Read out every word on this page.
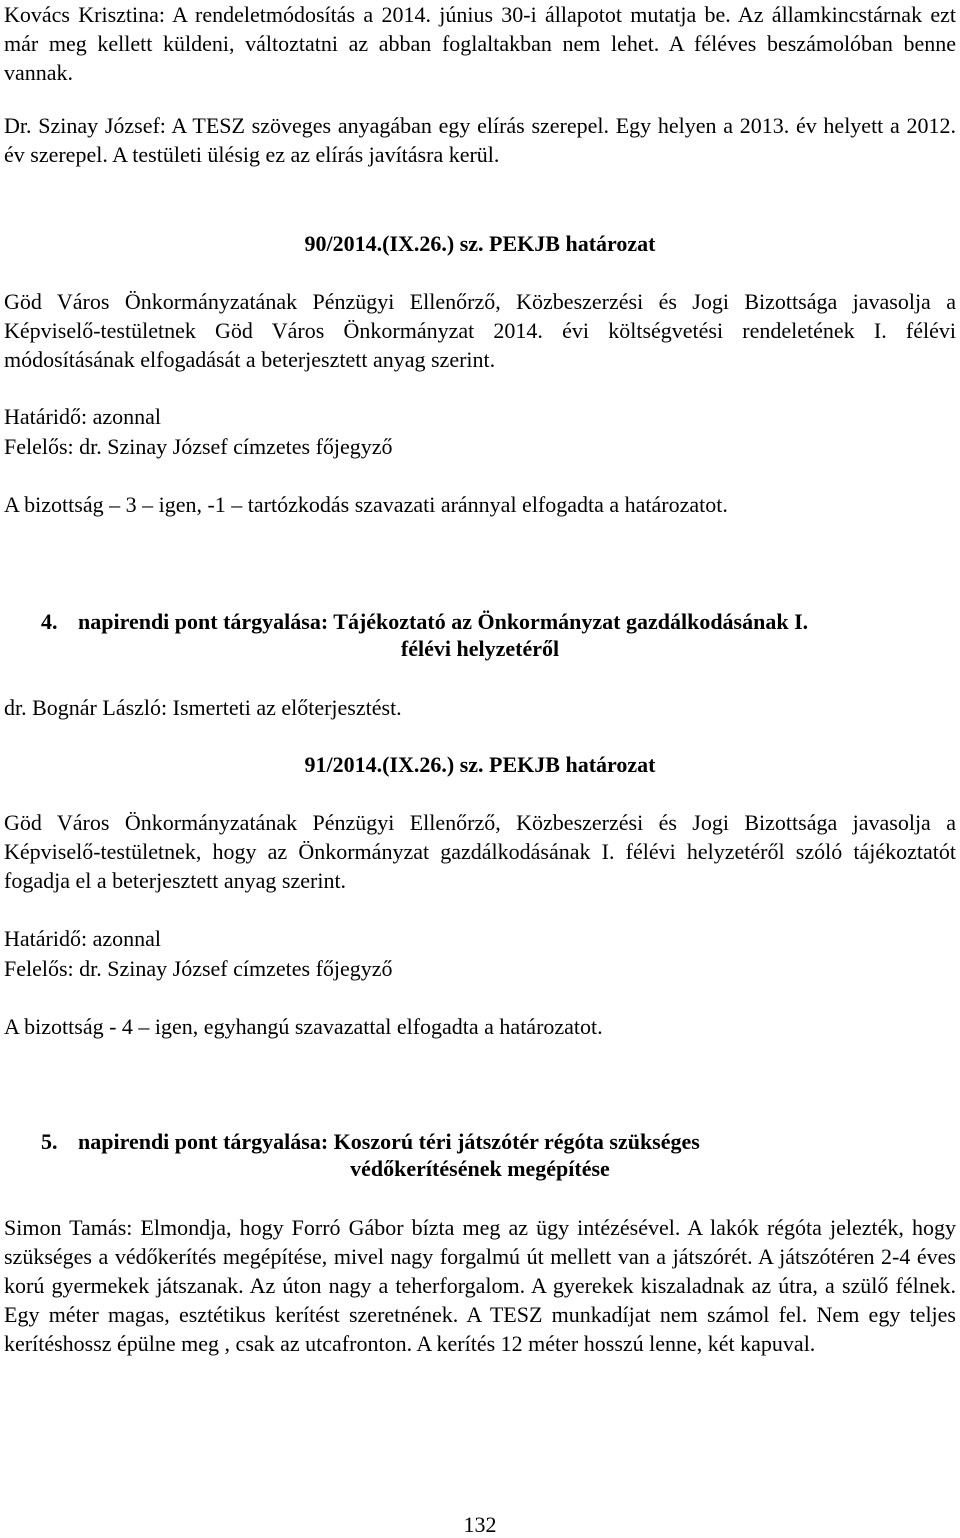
Kovács Krisztina: A rendeletmódosítás a 2014. június 30-i állapotot mutatja be. Az államkincstárnak ezt már meg kellett küldeni, változtatni az abban foglaltakban nem lehet. A féléves beszámolóban benne vannak.

Dr. Szinay József: A TESZ szöveges anyagában egy elírás szerepel. Egy helyen a 2013. év helyett a 2012. év szerepel. A testületi ülésig ez az elírás javításra kerül.

90/2014.(IX.26.) sz. PEKJB határozat

Göd Város Önkormányzatának Pénzügyi Ellenőrző, Közbeszerzési és Jogi Bizottsága javasolja a Képviselő-testületnek Göd Város Önkormányzat 2014. évi költségvetési rendeletének I. félévi módosításának elfogadását a beterjesztett anyag szerint.

Határidő: azonnal

Felelős: dr. Szinay József címzetes főjegyző

A bizottság – 3 – igen, -1 – tartózkodás szavazati aránnyal elfogadta a határozatot.

4. napirendi pont tárgyalása: Tájékoztató az Önkormányzat gazdálkodásának I.
félévi helyzetéről

dr. Bognár László: Ismerteti az előterjesztést.

91/2014.(IX.26.) sz. PEKJB határozat

Göd Város Önkormányzatának Pénzügyi Ellenőrző, Közbeszerzési és Jogi Bizottsága javasolja a Képviselő-testületnek, hogy az Önkormányzat gazdálkodásának I. félévi helyzetéről szóló tájékoztatót fogadja el a beterjesztett anyag szerint.

Határidő: azonnal

Felelős: dr. Szinay József címzetes főjegyző

A bizottság - 4 – igen, egyhangú szavazattal elfogadta a határozatot.

5. napirendi pont tárgyalása: Koszorú téri játszótér régóta szükséges
védőkerítésének megépítése

Simon Tamás: Elmondja, hogy Forró Gábor bízta meg az ügy intézésével. A lakók régóta jelezték, hogy szükséges a védőkerítés megépítése, mivel nagy forgalmú út mellett van a játszórét. A játszótéren 2-4 éves korú gyermekek játszanak. Az úton nagy a teherforgalom. A gyerekek kiszaladnak az útra, a szülő félnek. Egy méter magas, esztétikus kerítést szeretnének. A TESZ munkadíjat nem számol fel. Nem egy teljes kerítéshossz épülne meg , csak az utcafronton. A kerítés 12 méter hosszú lenne, két kapuval.

132
